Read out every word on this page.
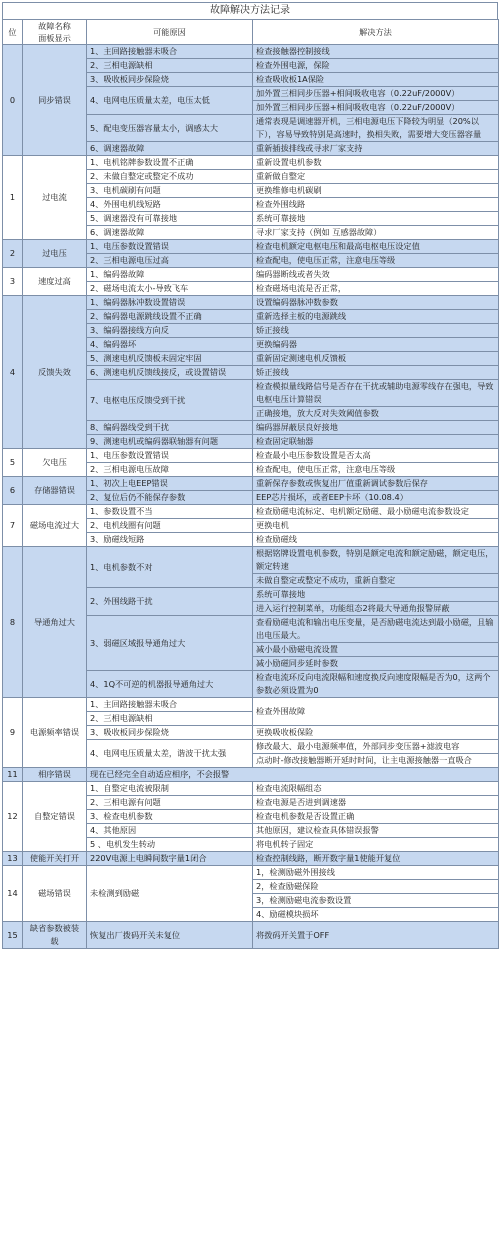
故障解决方法记录
位	故障名称
面板显示	可能原因	解决方法
0	同步错误	1、主回路接触器未吸合	检查接触器控制接线
		2、三相电源缺相	检查外围电源，保险
		3、吸收板同步保险烧	检查吸收板1A保险
		4、电网电压质量太差，电压太低	加外置三相同步压器+相间吸收电容（0.22uF/2000V）
			加外置三相同步压器+相间吸收电容（0.22uF/2000V）
		5、配电变压器容量太小，调感太大	通常表现是调速器开机，三相电源电压下降较为明显（20%以下），容易导致特别是高速时，换相失败，需要增大变压器容量
		6、调速器故障	重新插拔排线或寻求厂家支持
1	过电流	1、电机铭牌参数设置不正确	重新设置电机参数
		2、未做自整定或整定不成功	重新做自整定
		3、电机碳刷有问题	更换维修电机碳刷
		4、外围电机线短路	检查外围线路
		5、调速器没有可靠接地	系统可靠接地
		6、调速器故障	寻求厂家支持（例如 互感器故障）
2	过电压	1、电压参数设置错误	检查电机额定电枢电压和最高电枢电压设定值
		2、三相电源电压过高	检查配电，使电压正常，注意电压等级
3	速度过高	1、编码器故障	编码器断线或者失效
		2、磁场电流太小-导致飞车	检查磁场电流是否正常，
4	反馈失效	1、编码器脉冲数设置错误	设置编码器脉冲数参数
		2、编码器电源跳线设置不正确	重新选择主板的电源跳线
		3、编码器接线方向反	矫正接线
		4、编码器坏	更换编码器
		5、测速电机反馈板未固定牢固	重新固定测速电机反馈板
		6、测速电机反馈线接反，或设置错误	矫正接线
		7、电枢电压反馈受到干扰	检查模拟量线路信号是否存在干扰或辅助电源零线存在强电，导致电枢电压计算错误
			正确接地，放大反对失效阈值参数
		8、编码器线受到干扰	编码器屏蔽层良好接地
		9、测速电机或编码器联轴器有问题	检查固定联轴器
5	欠电压	1、电压参数设置错误	检查最小电压参数设置是否太高
		2、三相电源电压故障	检查配电，使电压正常，注意电压等级
6	存储器错误	1、初次上电EEP错误	重新保存参数或恢复出厂值重新调试参数后保存
		2、复位后仍不能保存参数	EEP芯片损坏，或者EEP卡坏（10.08.4）
7	磁场电流过大	1、参数设置不当	检查励磁电流标定、电机额定励磁、最小励磁电流参数设定
		2、电机线圈有问题	更换电机
		3、励磁线短路	检查励磁线
8	导通角过大	1、电机参数不对	根据铭牌设置电机参数，特别是额定电流和额定励磁，额定电压，额定转速
			未做自整定或整定不成功，重新自整定
		2、外围线路干扰	系统可靠接地
			进入运行控制菜单，功能组态2将最大导通角报警屏蔽
		3、弱磁区域报导通角过大	查看励磁电流和输出电压变量，是否励磁电流达到最小励磁，且输出电压最大。
			减小最小励磁电流设置
			减小励磁同步延时参数
		4、1Q不可逆的机器报导通角过大	检查电流环反向电流限幅和速度换反向速度限幅是否为0，这两个参数必须设置为0
9	电源频率错误	1、主回路接触器未吸合	检查外围故障
		2、三相电源缺相	
		3、吸收板同步保险烧	更换吸收板保险
		4、电网电压质量太差，谐波干扰太强	修改最大、最小电源频率值，外部同步变压器+滤波电容
			点动时-修改接触器断开延时时间，让主电源接触器一直吸合
11	相序错误	现在已经完全自动适应相序，不会报警	
12	自整定错误	1、自整定电流被限制	检查电流限幅组态
		2、三相电源有问题	检查电源是否进到调速器
		3、检查电机参数	检查电机参数是否设置正确
		4、其他原因	其他原因，建议检查具体错误报警
		5 、电机发生转动	将电机转子固定
13	使能开关打开	220V电源上电瞬间数字量1闭合	检查控制线路，断开数字量1使能开复位
14	磁场错误	未检测到励磁	1，检测励磁外围接线
			2，检查励磁保险
			3，检测励磁电流参数设置
			4、励磁模块损坏
15	缺省参数被装载	恢复出厂拨码开关未复位	将拨码开关置于OFF
